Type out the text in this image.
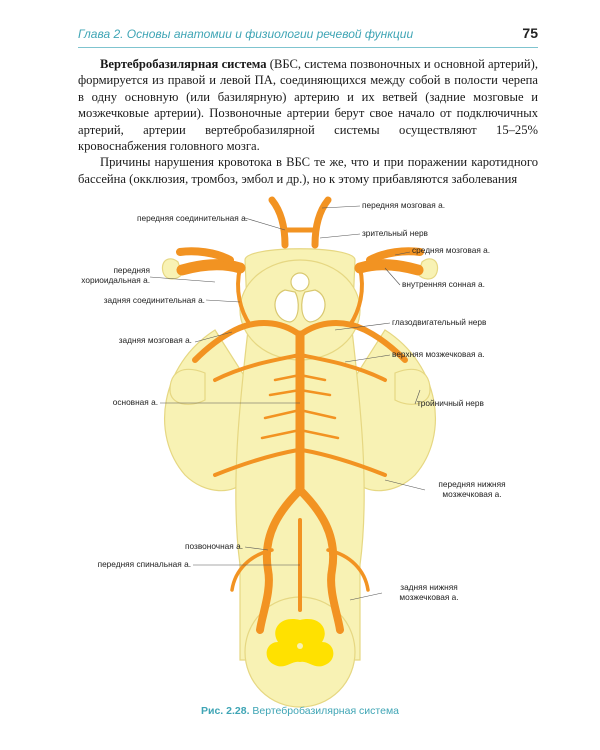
Глава 2. Основы анатомии и физиологии речевой функции	75

Вертебробазилярная система (ВБС, система позвоночных и основной артерий), формируется из правой и левой ПА, соединяющихся между собой в полости черепа в одну основную (или базилярную) артерию и их ветвей (задние мозговые и мозжечковые артерии). Позвоночные артерии берут свое начало от подключичных артерий, артерии вертебробазилярной системы осуществляют 15–25% кровоснабжения головного мозга.

Причины нарушения кровотока в ВБС те же, что и при поражении каротидного бассейна (окклюзия, тромбоз, эмбол и др.), но к этому прибавляются заболевания

передняя соединительная а.
передняя хориоидальная а.
задняя соединительная а.
задняя мозговая а.
основная а.
позвоночная а.
передняя спинальная а.
передняя мозговая а.
зрительный нерв
средняя мозговая а.
внутренняя сонная а.
глазодвигательный нерв
верхняя мозжечковая а.
тройничный нерв
передняя нижняя мозжечковая а.
задняя нижняя мозжечковая а.
Рис. 2.28. Вертебробазилярная система
